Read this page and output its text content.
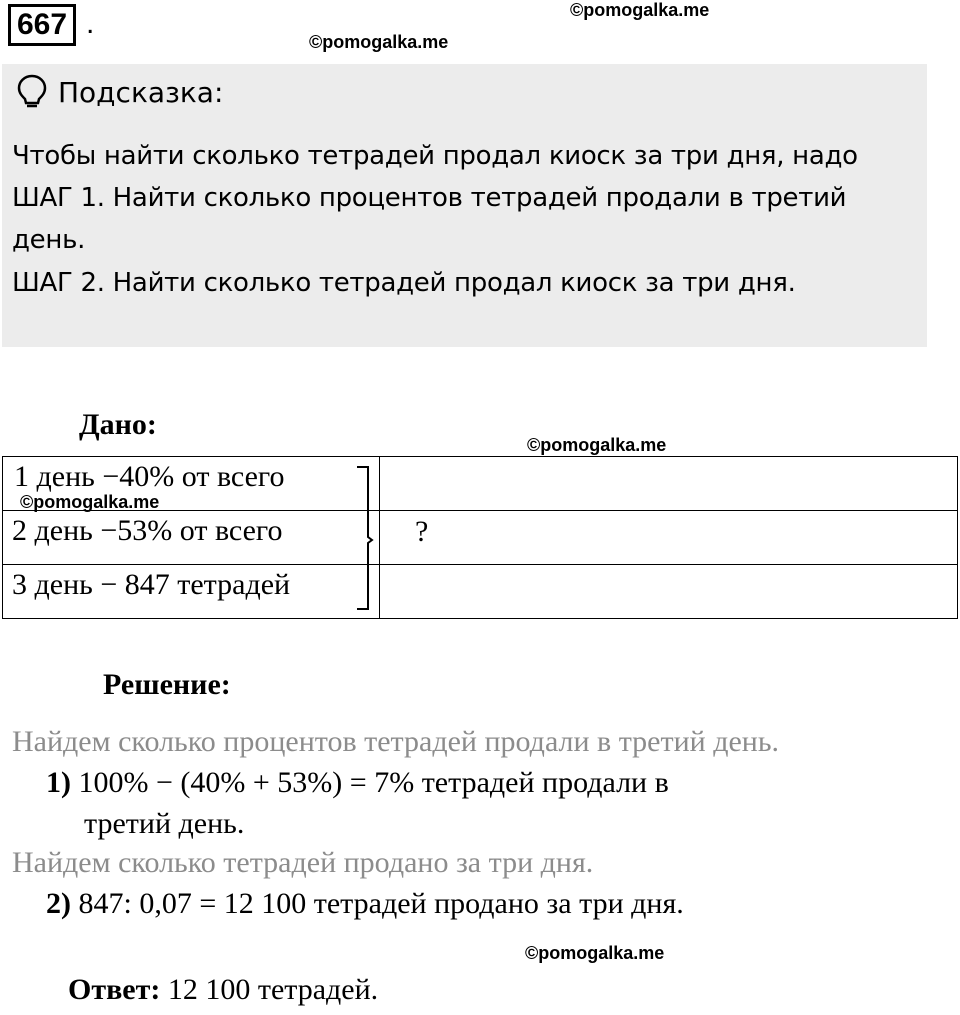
667 .	©pomogalka.me
©pomogalka.me
Подсказка:
Чтобы найти сколько тетрадей продал киоск за три дня, надо
ШАГ 1. Найти сколько процентов тетрадей продали в третий
день.
ШАГ 2. Найти сколько тетрадей продал киоск за три дня.
Дано:
©pomogalka.me
1 день −40% от всего
©pomogalka.me
2 день −53% от всего
3 день − 847 тетрадей
?
Решение:
Найдем сколько процентов тетрадей продали в третий день.
1) 100% − (40% + 53%) = 7% тетрадей продали в
третий день.
Найдем сколько тетрадей продано за три дня.
2) 847: 0,07 = 12 100 тетрадей продано за три дня.
©pomogalka.me
Ответ: 12 100 тетрадей.
